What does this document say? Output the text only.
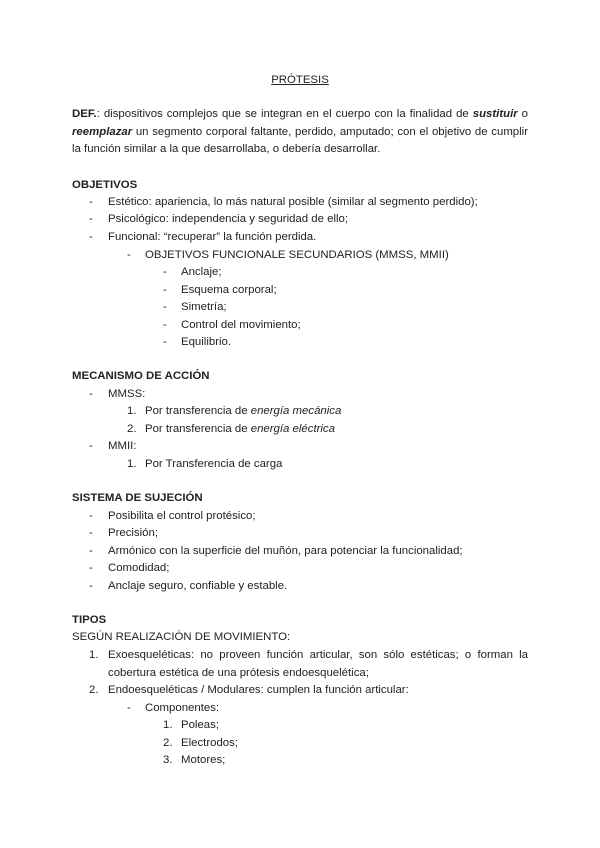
PRÓTESIS
DEF.: dispositivos complejos que se integran en el cuerpo con la finalidad de sustituir o reemplazar un segmento corporal faltante, perdido, amputado; con el objetivo de cumplir la función similar a la que desarrollaba, o debería desarrollar.
OBJETIVOS
- Estético: apariencia, lo más natural posible (similar al segmento perdido);
- Psicológico: independencia y seguridad de ello;
- Funcional: “recuperar” la función perdida.
- OBJETIVOS FUNCIONALE SECUNDARIOS (MMSS, MMII)
- Anclaje;
- Esquema corporal;
- Simetría;
- Control del movimiento;
- Equilibrio.
MECANISMO DE ACCIÓN
- MMSS:
1. Por transferencia de energía mecánica
2. Por transferencia de energía eléctrica
- MMII:
1. Por Transferencia de carga
SISTEMA DE SUJECIÓN
- Posibilita el control protésico;
- Precisión;
- Armónico con la superficie del muñón, para potenciar la funcionalidad;
- Comodidad;
- Anclaje seguro, confiable y estable.
TIPOS
SEGÚN REALIZACIÓN DE MOVIMIENTO:
1. Exoesqueléticas: no proveen función articular, son sólo estéticas; o forman la cobertura estética de una prótesis endoesquelética;
2. Endoesqueléticas / Modulares: cumplen la función articular:
- Componentes:
1. Poleas;
2. Electrodos;
3. Motores;
